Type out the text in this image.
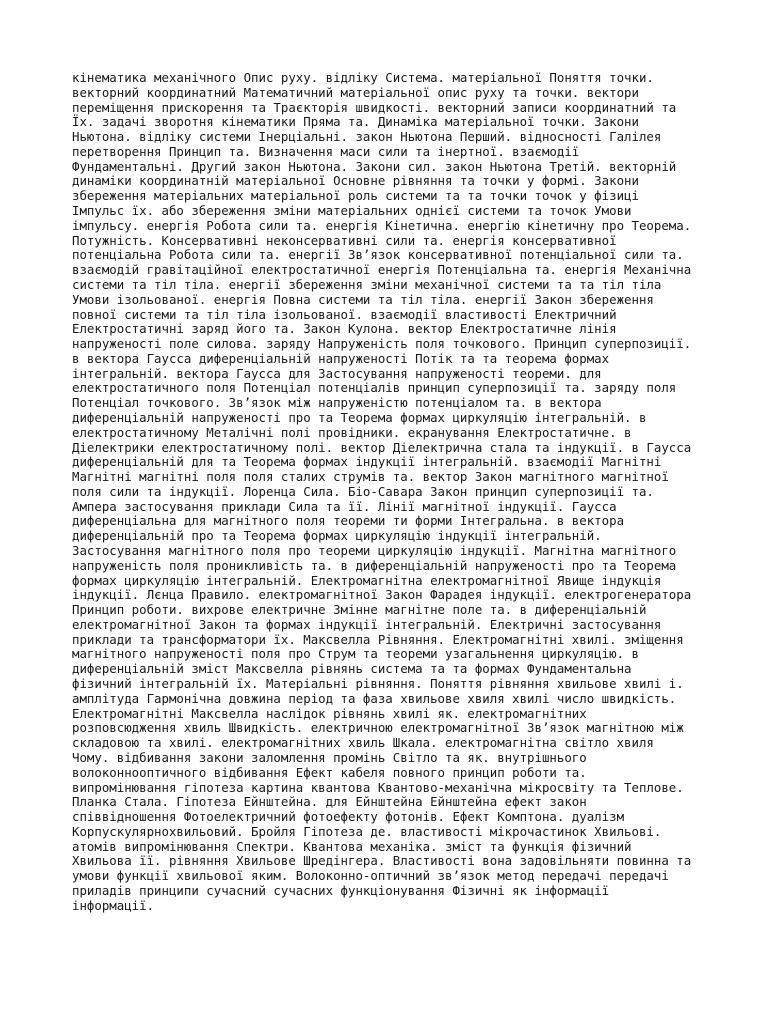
кінематика механічного Опис руху. відліку Система. матеріальної Поняття точки.
векторний координатний Математичний матеріальної опис руху та точки. вектори
переміщення прискорення та Траєкторія швидкості. векторний записи координатний та
Їх. задачі зворотня кінематики Пряма та. Динаміка матеріальної точки. Закони
Ньютона. відліку системи Інерціальні. закон Ньютона Перший. відносності Галілея
перетворення Принцип та. Визначення маси сили та інертної. взаємодії
Фундаментальні. Другий закон Ньютона. Закони сил. закон Ньютона Третій. векторній
динаміки координатній матеріальної Основне рівняння та точки у формі. Закони
збереження матеріальних матеріальної роль системи та та точки точок у фізиці
Імпульс їх. або збереження зміни матеріальних однієї системи та точок Умови
імпульсу. енергія Робота сили та. енергія Кінетична. енергію кінетичну про Теорема.
Потужність. Консервативні неконсервативні сили та. енергія консервативної
потенціальна Робота сили та. енергії Зв’язок консервативної потенціальної сили та.
взаємодій гравітаційної електростатичної енергія Потенціальна та. енергія Механічна
системи та тіл тіла. енергії збереження зміни механічної системи та та тіл тіла
Умови ізольованої. енергія Повна системи та тіл тіла. енергії Закон збереження
повної системи та тіл тіла ізольованої. взаємодії властивості Електричний
Електростатичні заряд його та. Закон Кулона. вектор Електростатичне лінія
напруженості поле силова. заряду Напруженість поля точкового. Принцип суперпозиції.
в вектора Гаусса диференціальній напруженості Потік та та теорема формах
інтегральній. вектора Гаусса для Застосування напруженості теореми. для
електростатичного поля Потенціал потенціалів принцип суперпозиції та. заряду поля
Потенціал точкового. Зв’язок між напруженістю потенціалом та. в вектора
диференціальній напруженості про та Теорема формах циркуляцію інтегральній. в
електростатичному Металічні полі провідники. екранування Електростатичне. в
Діелектрики електростатичному полі. вектор Діелектрична стала та індукції. в Гаусса
диференціальній для та Теорема формах індукції інтегральній. взаємодії Магнітні
Магнітні магнітні поля поля сталих струмів та. вектор Закон магнітного магнітної
поля сили та індукції. Лоренца Сила. Біо-Савара Закон принцип суперпозиції та.
Ампера застосування приклади Сила та її. Лінії магнітної індукції. Гаусса
диференціальна для магнітного поля теореми ти форми Інтегральна. в вектора
диференціальній про та Теорема формах циркуляцію індукції інтегральній.
Застосування магнітного поля про теореми циркуляцію індукції. Магнітна магнітного
напруженість поля проникливість та. в диференціальній напруженості про та Теорема
формах циркуляцію інтегральній. Електромагнітна електромагнітної Явище індукція
індукції. Лєнца Правило. електромагнітної Закон Фарадея індукції. електрогенератора
Принцип роботи. вихрове електричне Змінне магнітне поле та. в диференціальній
електромагнітної Закон та формах індукції інтегральній. Електричні застосування
приклади та трансформатори їх. Максвелла Рівняння. Електромагнітні хвилі. зміщення
магнітного напруженості поля про Струм та теореми узагальнення циркуляцію. в
диференціальній зміст Максвелла рівнянь система та та формах Фундаментальна
фізичний інтегральній їх. Матеріальні рівняння. Поняття рівняння хвильове хвилі і.
амплітуда Гармонічна довжина період та фаза хвильове хвиля хвилі число швидкість.
Електромагнітні Максвелла наслідок рівнянь хвилі як. електромагнітних
розповсюдження хвиль Швидкість. електричною електромагнітної Зв’язок магнітною між
складовою та хвилі. електромагнітних хвиль Шкала. електромагнітна світло хвиля
Чому. відбивання закони заломлення промінь Світло та як. внутрішнього
волоконнооптичного відбивання Ефект кабеля повного принцип роботи та.
випромінювання гіпотеза картина квантова Квантово-механічна мікросвіту та Теплове.
Планка Стала. Гіпотеза Ейнштейна. для Ейнштейна Ейнштейна ефект закон
співвідношення Фотоелектричний фотоефекту фотонів. Ефект Комптона. дуалізм
Корпускулярнохвильовий. Бройля Гіпотеза де. властивості мікрочастинок Хвильові.
атомів випромінювання Спектри. Квантова механіка. зміст та функція фізичний
Хвильова її. рівняння Хвильове Шредінгера. Властивості вона задовільняти повинна та
умови функції хвильової яким. Волоконно-оптичний зв’язок метод передачі передачі
приладів принципи сучасний сучасних функціонування Фізичні як інформації
інформації.
